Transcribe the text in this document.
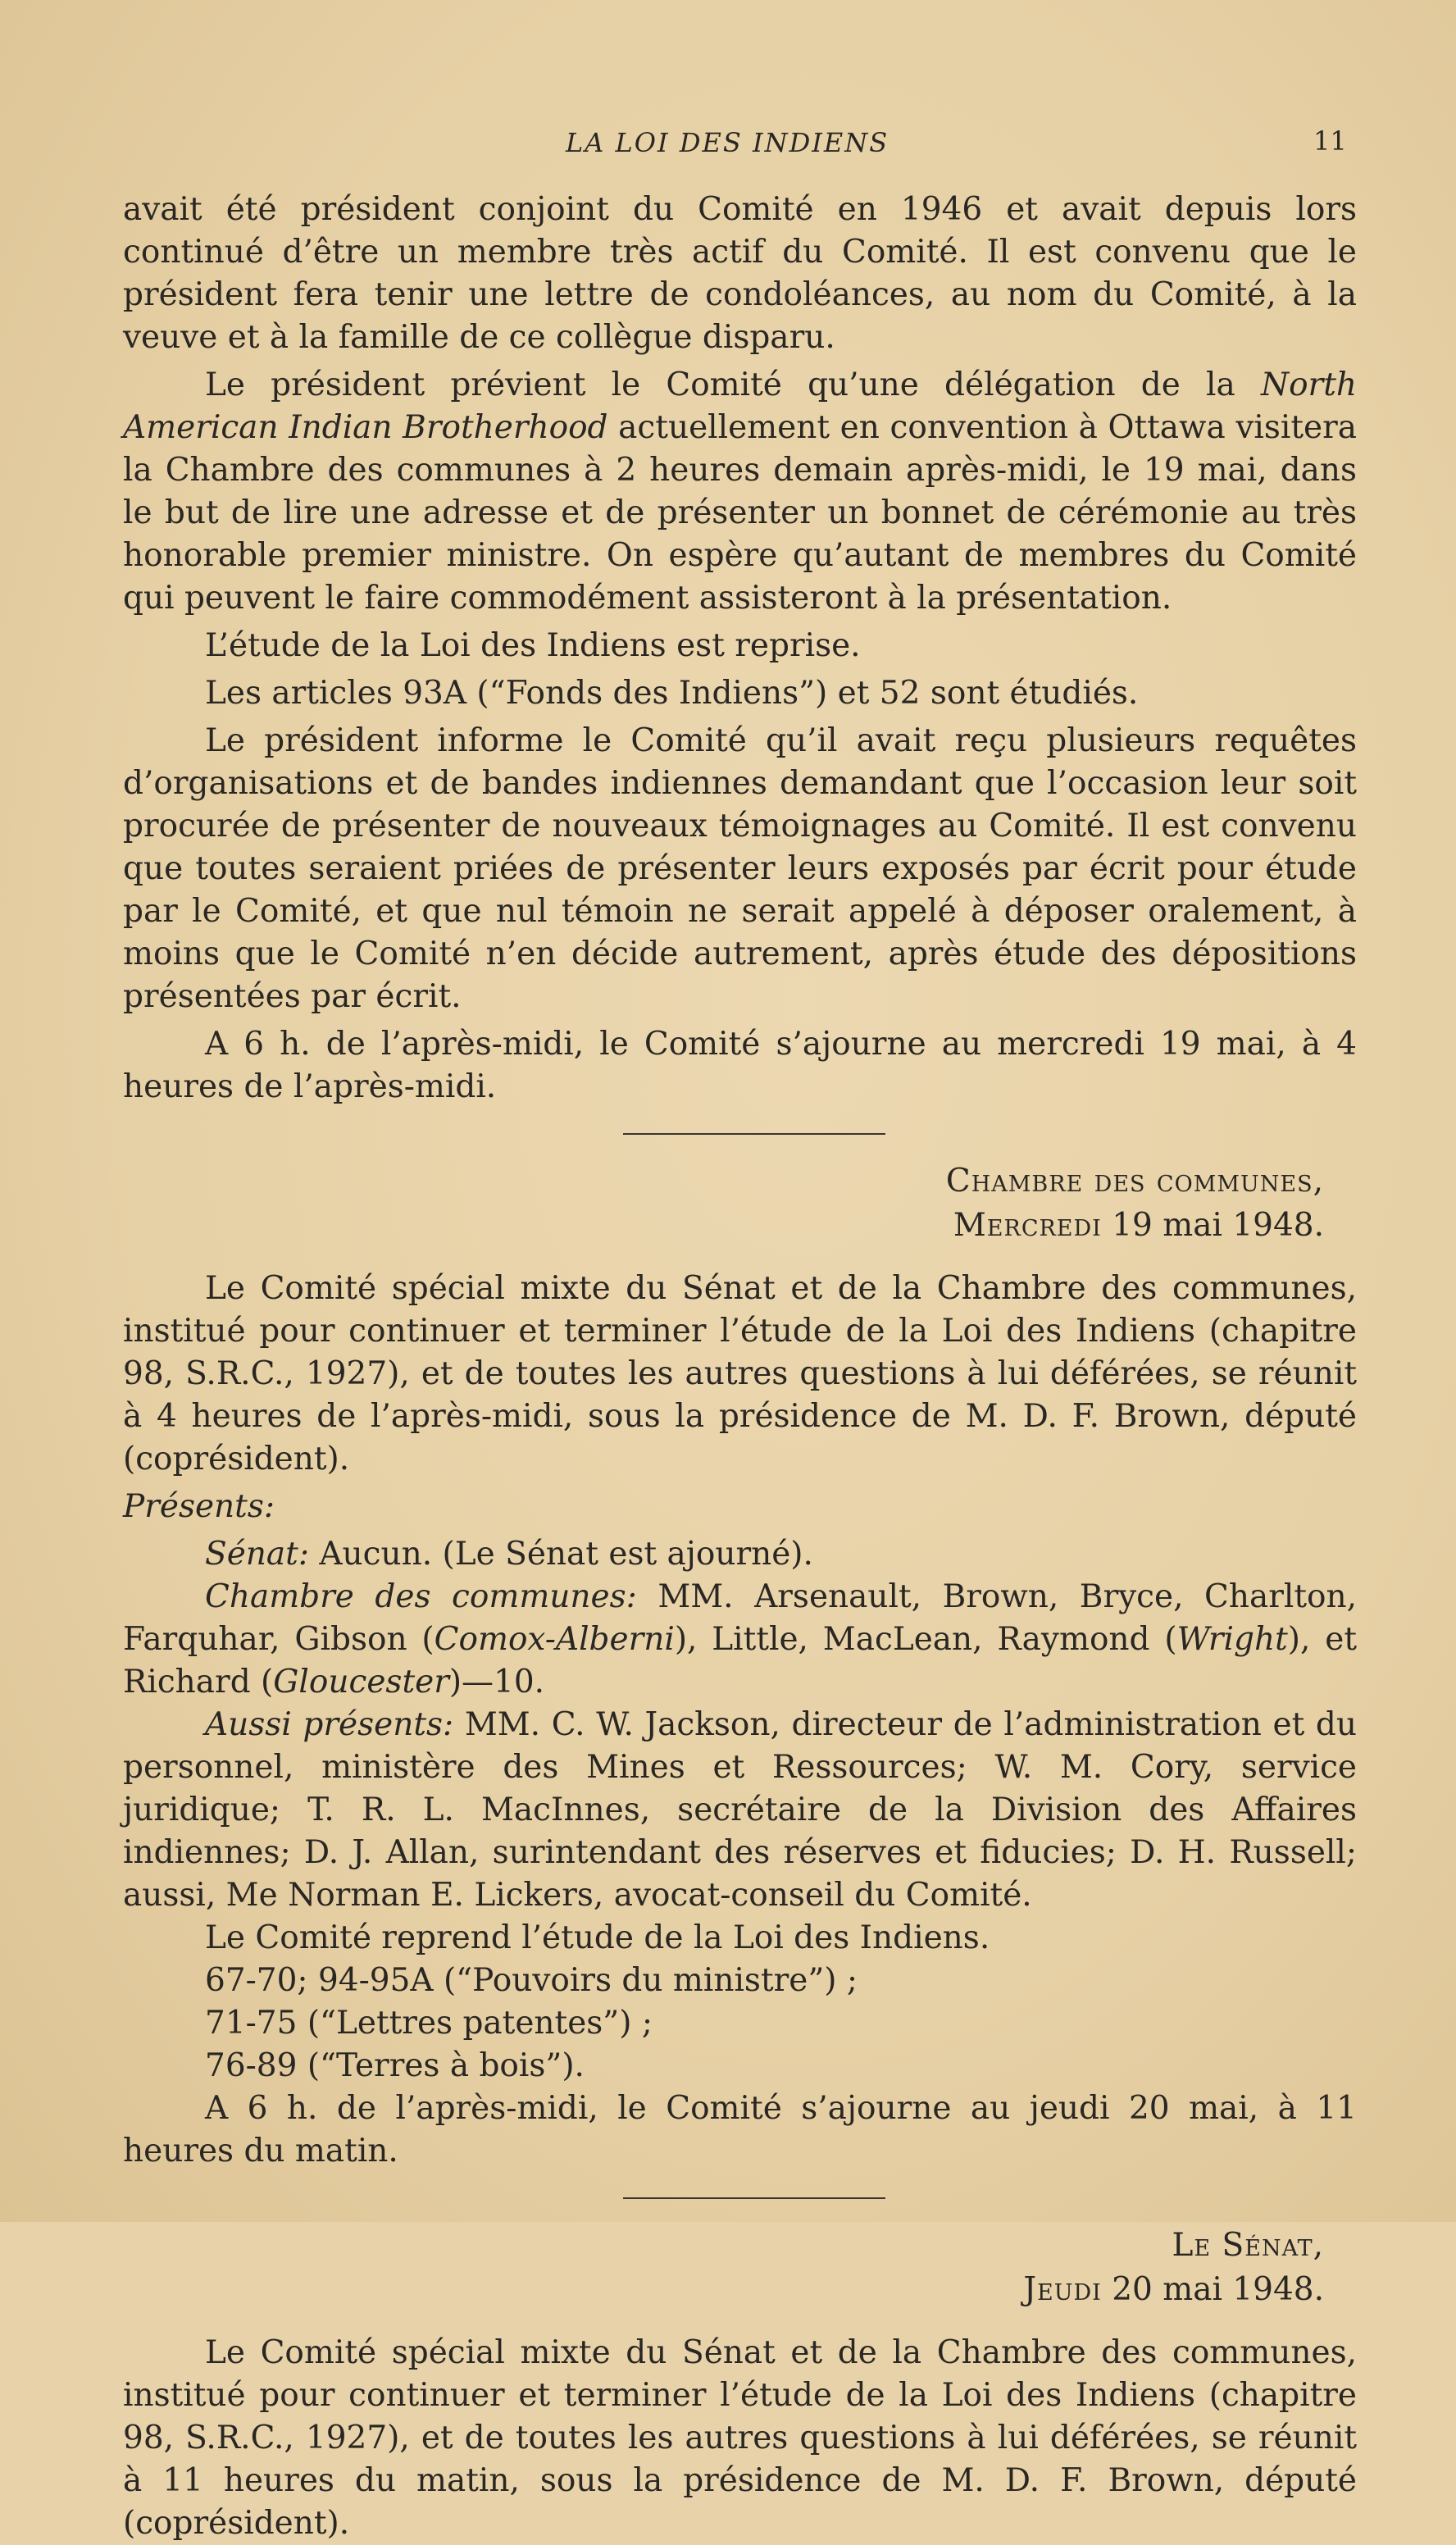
LA LOI DES INDIENS	11

avait été président conjoint du Comité en 1946 et avait depuis lors continué d’être un membre très actif du Comité. Il est convenu que le président fera tenir une lettre de condoléances, au nom du Comité, à la veuve et à la famille de ce collègue disparu.

Le président prévient le Comité qu’une délégation de la North American Indian Brotherhood actuellement en convention à Ottawa visitera la Chambre des communes à 2 heures demain après-midi, le 19 mai, dans le but de lire une adresse et de présenter un bonnet de cérémonie au très honorable premier ministre. On espère qu’autant de membres du Comité qui peuvent le faire commodément assisteront à la présentation.

L’étude de la Loi des Indiens est reprise.

Les articles 93A (“Fonds des Indiens”) et 52 sont étudiés.

Le président informe le Comité qu’il avait reçu plusieurs requêtes d’organisations et de bandes indiennes demandant que l’occasion leur soit procurée de présenter de nouveaux témoignages au Comité. Il est convenu que toutes seraient priées de présenter leurs exposés par écrit pour étude par le Comité, et que nul témoin ne serait appelé à déposer oralement, à moins que le Comité n’en décide autrement, après étude des dépositions présentées par écrit.

A 6 h. de l’après-midi, le Comité s’ajourne au mercredi 19 mai, à 4 heures de l’après-midi.

Chambre des communes,
Mercredi 19 mai 1948.

Le Comité spécial mixte du Sénat et de la Chambre des communes, institué pour continuer et terminer l’étude de la Loi des Indiens (chapitre 98, S.R.C., 1927), et de toutes les autres questions à lui déférées, se réunit à 4 heures de l’après-midi, sous la présidence de M. D. F. Brown, député (coprésident).

Présents:

Sénat: Aucun. (Le Sénat est ajourné).

Chambre des communes: MM. Arsenault, Brown, Bryce, Charlton, Farquhar, Gibson (Comox-Alberni), Little, MacLean, Raymond (Wright), et Richard (Gloucester)—10.

Aussi présents: MM. C. W. Jackson, directeur de l’administration et du personnel, ministère des Mines et Ressources; W. M. Cory, service juridique; T. R. L. MacInnes, secrétaire de la Division des Affaires indiennes; D. J. Allan, surintendant des réserves et fiducies; D. H. Russell; aussi, Me Norman E. Lickers, avocat-conseil du Comité.

Le Comité reprend l’étude de la Loi des Indiens.

67-70; 94-95A (“Pouvoirs du ministre”) ;

71-75 (“Lettres patentes”) ;

76-89 (“Terres à bois”).

A 6 h. de l’après-midi, le Comité s’ajourne au jeudi 20 mai, à 11 heures du matin.

Le Sénat,
Jeudi 20 mai 1948.

Le Comité spécial mixte du Sénat et de la Chambre des communes, institué pour continuer et terminer l’étude de la Loi des Indiens (chapitre 98, S.R.C., 1927), et de toutes les autres questions à lui déférées, se réunit à 11 heures du matin, sous la présidence de M. D. F. Brown, député (coprésident).
